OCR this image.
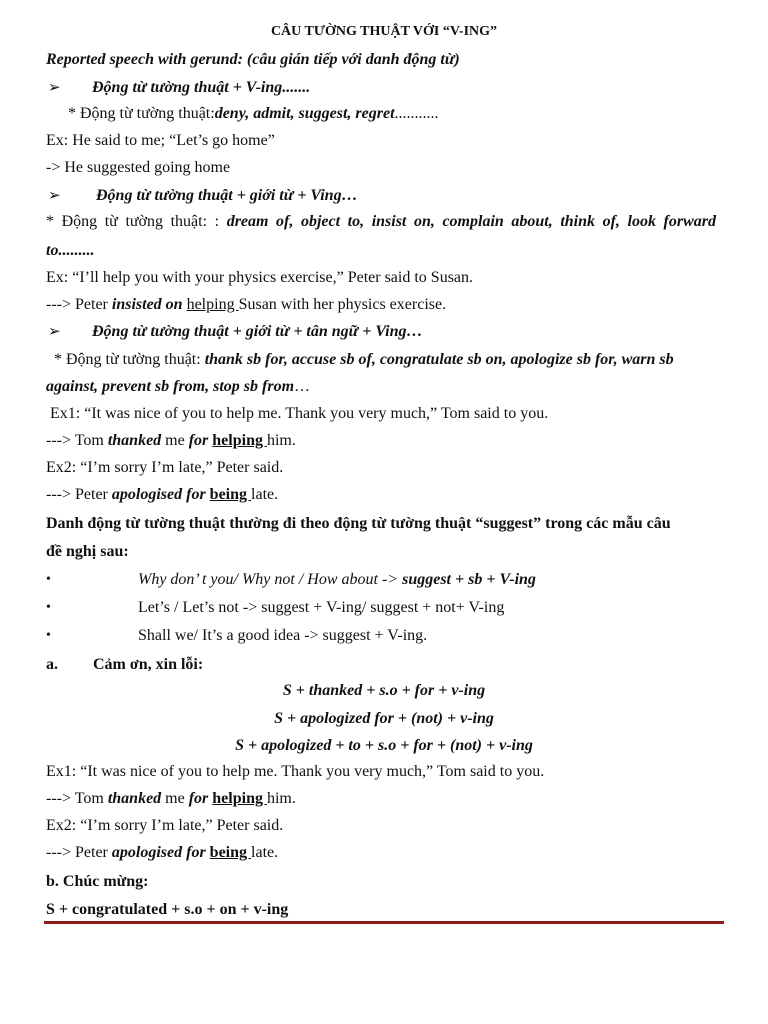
CÂU TƯỜNG THUẬT VỚI “V-ING”
Reported speech with gerund: (câu gián tiếp với danh động từ)
➢ Động từ tường thuật + V-ing.......
* Động từ tường thuật:deny, admit, suggest, regret...........
Ex: He said to me; “Let’s go home”
-> He suggested going home
➢ Động từ tường thuật + giới từ + Ving…
* Động từ tường thuật: : dream of, object to, insist on, complain about, think of, look forward
to.........
Ex: “I’ll help you with your physics exercise,” Peter said to Susan.
---> Peter insisted on helping Susan with her physics exercise.
➢ Động từ tường thuật + giới từ + tân ngữ + Ving…
* Động từ tường thuật: thank sb for, accuse sb of, congratulate sb on, apologize sb for, warn sb
against, prevent sb from, stop sb from…
Ex1: “It was nice of you to help me. Thank you very much,” Tom said to you.
---> Tom thanked me for helping him.
Ex2: “I’m sorry I’m late,” Peter said.
---> Peter apologised for being late.
Danh động từ tường thuật thường đi theo động từ tường thuật “suggest” trong các mẫu câu
đề nghị sau:
•	Why don’ t you/ Why not / How about -> suggest + sb + V-ing
•	Let’s / Let’s not -> suggest + V-ing/ suggest + not+ V-ing
•	Shall we/ It’s a good idea -> suggest + V-ing.
a. Cảm ơn, xin lỗi:
S + thanked + s.o + for + v-ing
S + apologized for + (not) + v-ing
S + apologized + to + s.o + for + (not) + v-ing
Ex1: “It was nice of you to help me. Thank you very much,” Tom said to you.
---> Tom thanked me for helping him.
Ex2: “I’m sorry I’m late,” Peter said.
---> Peter apologised for being late.
b. Chúc mừng:
S + congratulated + s.o + on + v-ing
